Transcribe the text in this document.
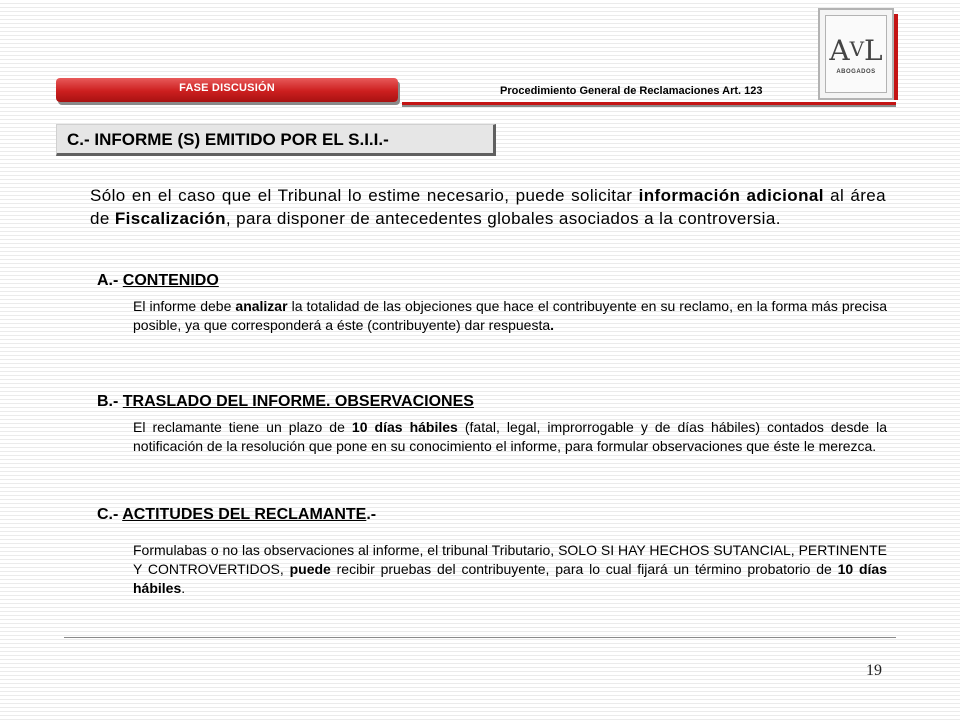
FASE DISCUSIÓN	Procedimiento General de Reclamaciones Art. 123
AVL
ABOGADOS
C.- INFORME (S) EMITIDO POR EL S.I.I.-
Sólo en el caso que el Tribunal lo estime necesario, puede solicitar información adicional al área de Fiscalización, para disponer de antecedentes globales asociados a la controversia.
A.- CONTENIDO
El informe debe analizar la totalidad de las objeciones que hace el contribuyente en su reclamo, en la forma más precisa posible, ya que corresponderá a éste (contribuyente) dar respuesta.
B.- TRASLADO DEL INFORME. OBSERVACIONES
El reclamante tiene un plazo de 10 días hábiles (fatal, legal, improrrogable y de días hábiles) contados desde la notificación de la resolución que pone en su conocimiento el informe, para formular observaciones que éste le merezca.
C.- ACTITUDES DEL RECLAMANTE.-
Formulabas o no las observaciones al informe, el tribunal Tributario, SOLO SI HAY HECHOS SUTANCIAL, PERTINENTE Y CONTROVERTIDOS, puede recibir pruebas del contribuyente, para lo cual fijará un término probatorio de 10 días hábiles.
19
